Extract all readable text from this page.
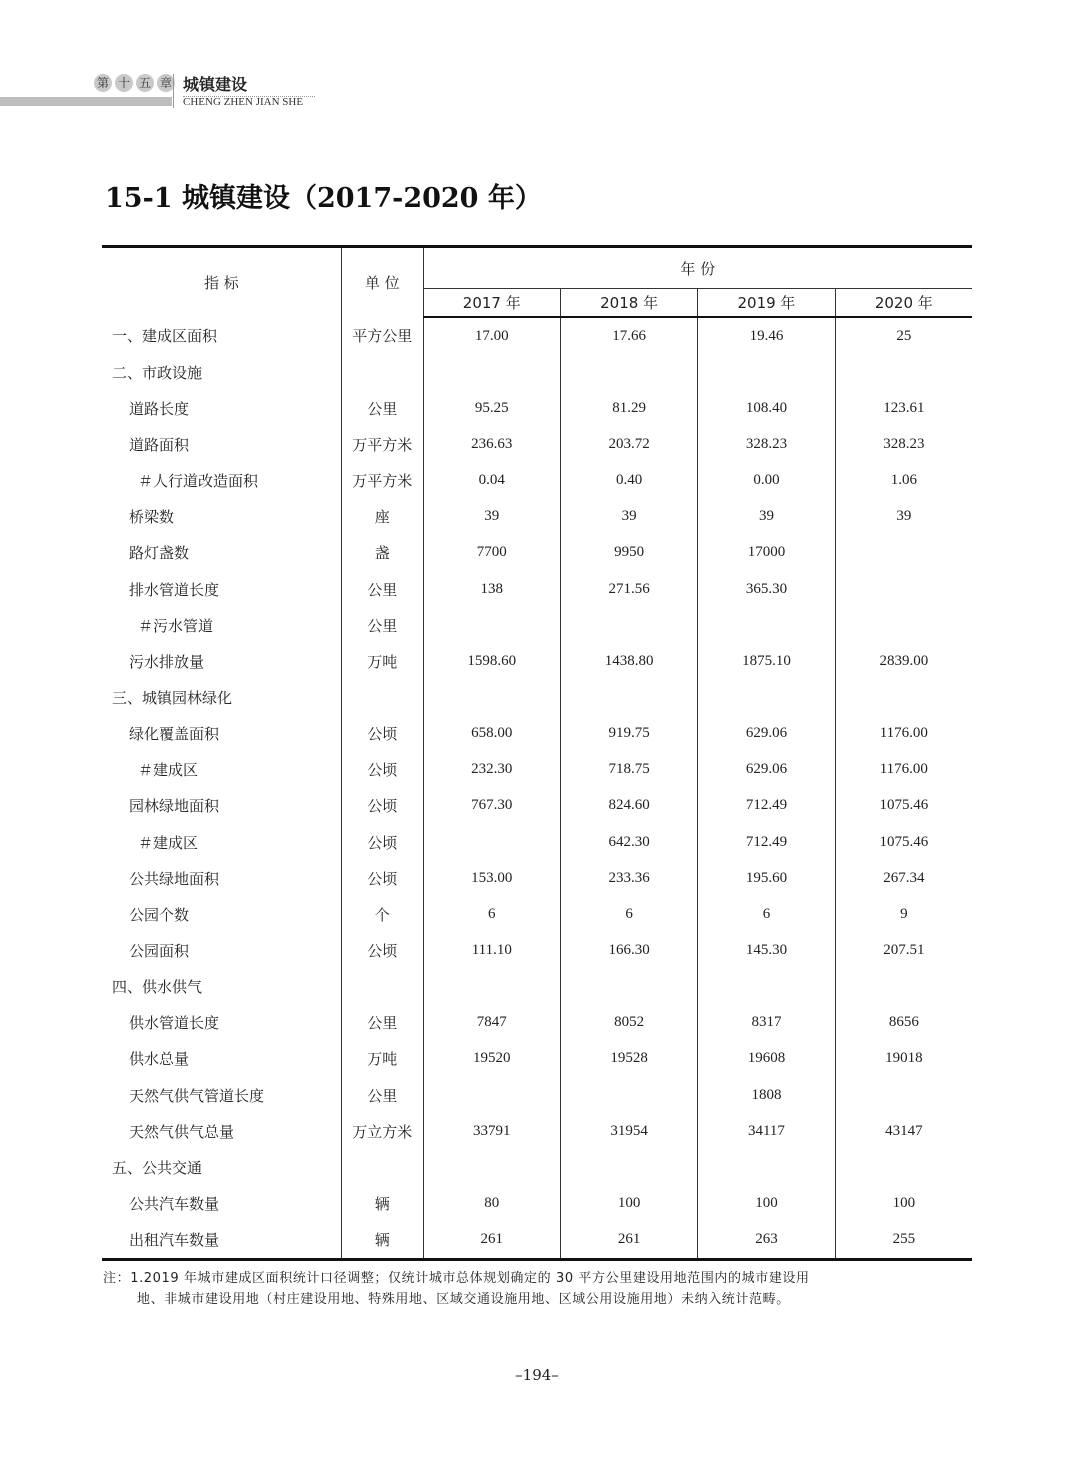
第 十 五 章 城镇建设
CHENG ZHEN JIAN SHE
15-1 城镇建设（2017-2020 年）
指 标	单 位	年 份			
		2017 年	2018 年	2019 年	2020 年
一、建成区面积	平方公里	17.00	17.66	19.46	25
二、市政设施					
道路长度	公里	95.25	81.29	108.40	123.61
道路面积	万平方米	236.63	203.72	328.23	328.23
＃人行道改造面积	万平方米	0.04	0.40	0.00	1.06
桥梁数	座	39	39	39	39
路灯盏数	盏	7700	9950	17000	
排水管道长度	公里	138	271.56	365.30	
＃污水管道	公里				
污水排放量	万吨	1598.60	1438.80	1875.10	2839.00
三、城镇园林绿化					
绿化覆盖面积	公顷	658.00	919.75	629.06	1176.00
＃建成区	公顷	232.30	718.75	629.06	1176.00
园林绿地面积	公顷	767.30	824.60	712.49	1075.46
＃建成区	公顷		642.30	712.49	1075.46
公共绿地面积	公顷	153.00	233.36	195.60	267.34
公园个数	个	6	6	6	9
公园面积	公顷	111.10	166.30	145.30	207.51
四、供水供气					
供水管道长度	公里	7847	8052	8317	8656
供水总量	万吨	19520	19528	19608	19018
天然气供气管道长度	公里			1808	
天然气供气总量	万立方米	33791	31954	34117	43147
五、公共交通					
公共汽车数量	辆	80	100	100	100
出租汽车数量	辆	261	261	263	255
注：1.2019 年城市建成区面积统计口径调整；仅统计城市总体规划确定的 30 平方公里建设用地范围内的城市建设用
地、非城市建设用地（村庄建设用地、特殊用地、区域交通设施用地、区域公用设施用地）未纳入统计范畴。
–194–
